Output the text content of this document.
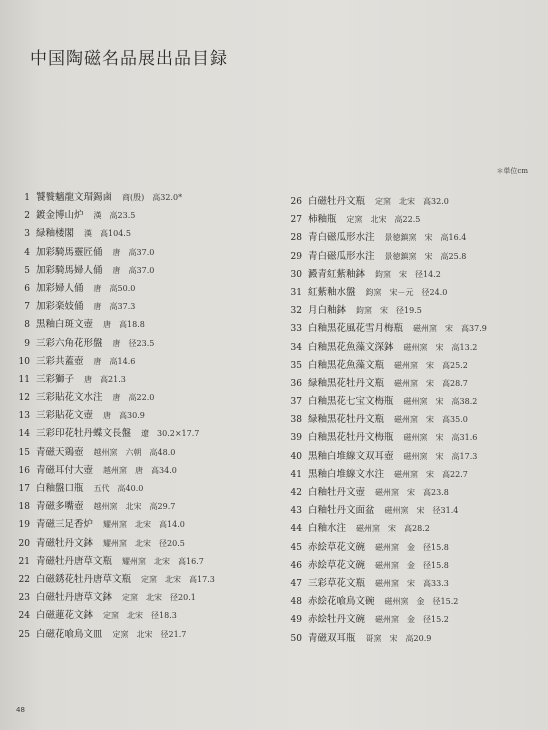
中国陶磁名品展出品目録
＊単位cm
1 饕餮魑龍文瑁錫鹵 商(殷)　高32.0*
2 鍍金博山炉 漢　高23.5
3 緑釉楼閣 漢　高104.5
4 加彩騎馬靈匠俑 唐　高37.0
5 加彩騎馬婦人俑 唐　高37.0
6 加彩婦人俑 唐　高50.0
7 加彩楽妓俑 唐　高37.3
8 黒釉白斑文壺 唐　高18.8
9 三彩六角花形盤 唐　径23.5
10 三彩共蓋壺 唐　高14.6
11 三彩獅子 唐　高21.3
12 三彩貼花文水注 唐　高22.0
13 三彩貼花文壺 唐　高30.9
14 三彩印花牡丹蝶文長盤 遼　30.2×17.7
15 青磁天鶏壺 越州窯　六朝　高48.0
16 青磁耳付大壺 越州窯　唐　高34.0
17 白釉盤口瓶 五代　高40.0
18 青磁多嘴壺 越州窯　北宋　高29.7
19 青磁三足香炉 耀州窯　北宋　高14.0
20 青磁牡丹文鉢 耀州窯　北宋　径20.5
21 青磁牡丹唐草文瓶 耀州窯　北宋　高16.7
22 白磁銹花牡丹唐草文瓶 定窯　北宋　高17.3
23 白磁牡丹唐草文鉢 定窯　北宋　径20.1
24 白磁蓮花文鉢 定窯　北宋　径18.3
25 白磁花喰鳥文皿 定窯　北宋　径21.7
26 白磁牡丹文瓶 定窯　北宋　高32.0
27 柿釉瓶 定窯　北宋　高22.5
28 青白磁瓜形水注 景徳鎮窯　宋　高16.4
29 青白磁瓜形水注 景徳鎮窯　宋　高25.8
30 澱青紅紫釉鉢 鈞窯　宋　径14.2
31 紅紫釉水盤 鈞窯　宋－元　径24.0
32 月白釉鉢 鈞窯　宋　径19.5
33 白釉黒花風花雪月梅瓶 磁州窯　宋　高37.9
34 白釉黒花魚藻文深鉢 磁州窯　宋　高13.2
35 白釉黒花魚藻文瓶 磁州窯　宋　高25.2
36 緑釉黒花牡丹文瓶 磁州窯　宋　高28.7
37 白釉黒花七宝文梅瓶 磁州窯　宋　高38.2
38 緑釉黒花牡丹文瓶 磁州窯　宋　高35.0
39 白釉黒花牡丹文梅瓶 磁州窯　宋　高31.6
40 黒釉白堆線文双耳壺 磁州窯　宋　高17.3
41 黒釉白堆線文水注 磁州窯　宋　高22.7
42 白釉牡丹文壺 磁州窯　宋　高23.8
43 白釉牡丹文面盆 磁州窯　宋　径31.4
44 白釉水注 磁州窯　宋　高28.2
45 赤絵草花文碗 磁州窯　金　径15.8
46 赤絵草花文碗 磁州窯　金　径15.8
47 三彩草花文瓶 磁州窯　宋　高33.3
48 赤絵花喰鳥文碗 磁州窯　金　径15.2
49 赤絵牡丹文碗 磁州窯　金　径15.2
50 青磁双耳瓶 哥窯　宋　高20.9
48
